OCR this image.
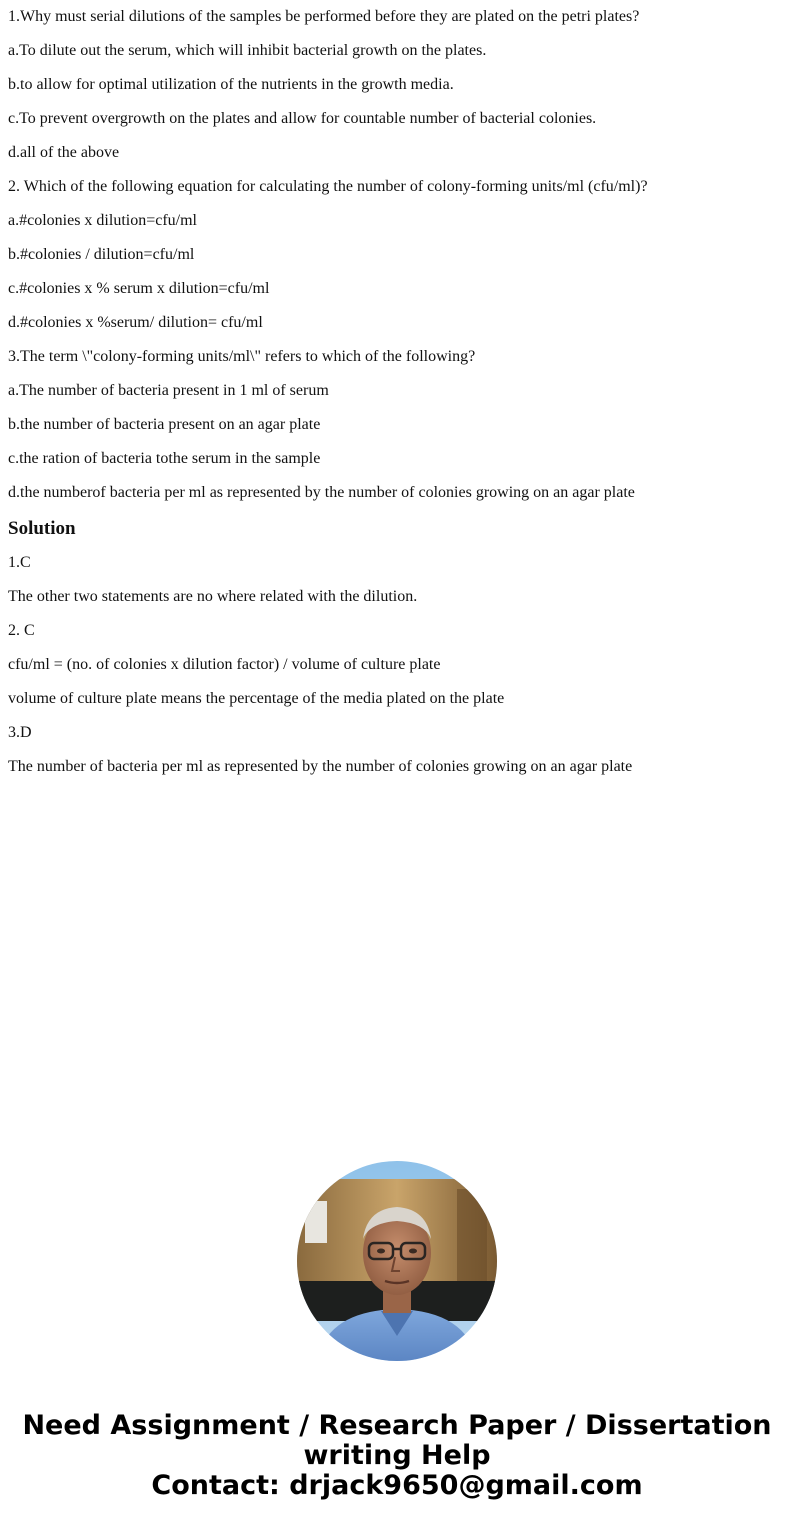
1.Why must serial dilutions of the samples be performed before they are plated on the petri plates?

a.To dilute out the serum, which will inhibit bacterial growth on the plates.

b.to allow for optimal utilization of the nutrients in the growth media.

c.To prevent overgrowth on the plates and allow for countable number of bacterial colonies.

d.all of the above

2. Which of the following equation for calculating the number of colony-forming units/ml (cfu/ml)?

a.#colonies x dilution=cfu/ml

b.#colonies / dilution=cfu/ml

c.#colonies x % serum x dilution=cfu/ml

d.#colonies x %serum/ dilution= cfu/ml

3.The term \"colony-forming units/ml\" refers to which of the following?

a.The number of bacteria present in 1 ml of serum

b.the number of bacteria present on an agar plate

c.the ration of bacteria tothe serum in the sample

d.the numberof bacteria per ml as represented by the number of colonies growing on an agar plate

Solution

1.C

The other two statements are no where related with the dilution.

2. C

cfu/ml = (no. of colonies x dilution factor) / volume of culture plate

volume of culture plate means the percentage of the media plated on the plate

3.D

The number of bacteria per ml as represented by the number of colonies growing on an agar plate

Need Assignment / Research Paper / Dissertation
writing Help
Contact: drjack9650@gmail.com
